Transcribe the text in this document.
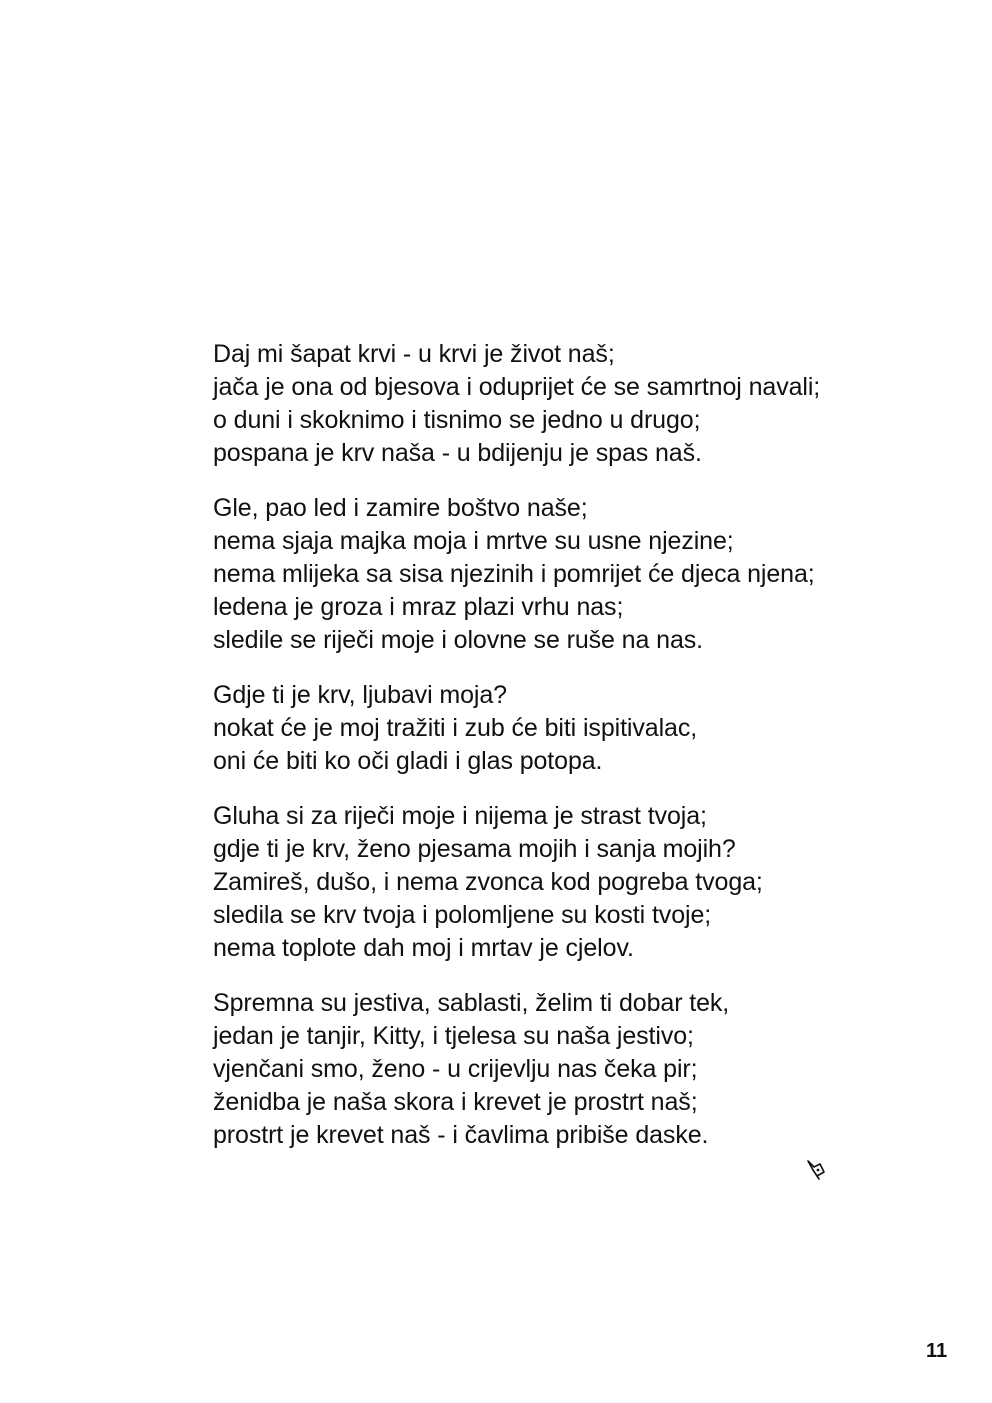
Daj mi šapat krvi - u krvi je život naš;
jača je ona od bjesova i oduprijet će se samrtnoj navali;
o duni i skoknimo i tisnimo se jedno u drugo;
pospana je krv naša - u bdijenju je spas naš.
Gle, pao led i zamire boštvo naše;
nema sjaja majka moja i mrtve su usne njezine;
nema mlijeka sa sisa njezinih i pomrijet će djeca njena;
ledena je groza i mraz plazi vrhu nas;
sledile se riječi moje i olovne se ruše na nas.
Gdje ti je krv, ljubavi moja?
nokat će je moj tražiti i zub će biti ispitivalac,
oni će biti ko oči gladi i glas potopa.
Gluha si za riječi moje i nijema je strast tvoja;
gdje ti je krv, ženo pjesama mojih i sanja mojih?
Zamireš, dušo, i nema zvonca kod pogreba tvoga;
sledila se krv tvoja i polomljene su kosti tvoje;
nema toplote dah moj i mrtav je cjelov.
Spremna su jestiva, sablasti, želim ti dobar tek,
jedan je tanjir, Kitty, i tjelesa su naša jestivo;
vjenčani smo, ženo - u crijevlju nas čeka pir;
ženidba je naša skora i krevet je prostrt naš;
prostrt je krevet naš - i čavlima pribiše daske.
11
